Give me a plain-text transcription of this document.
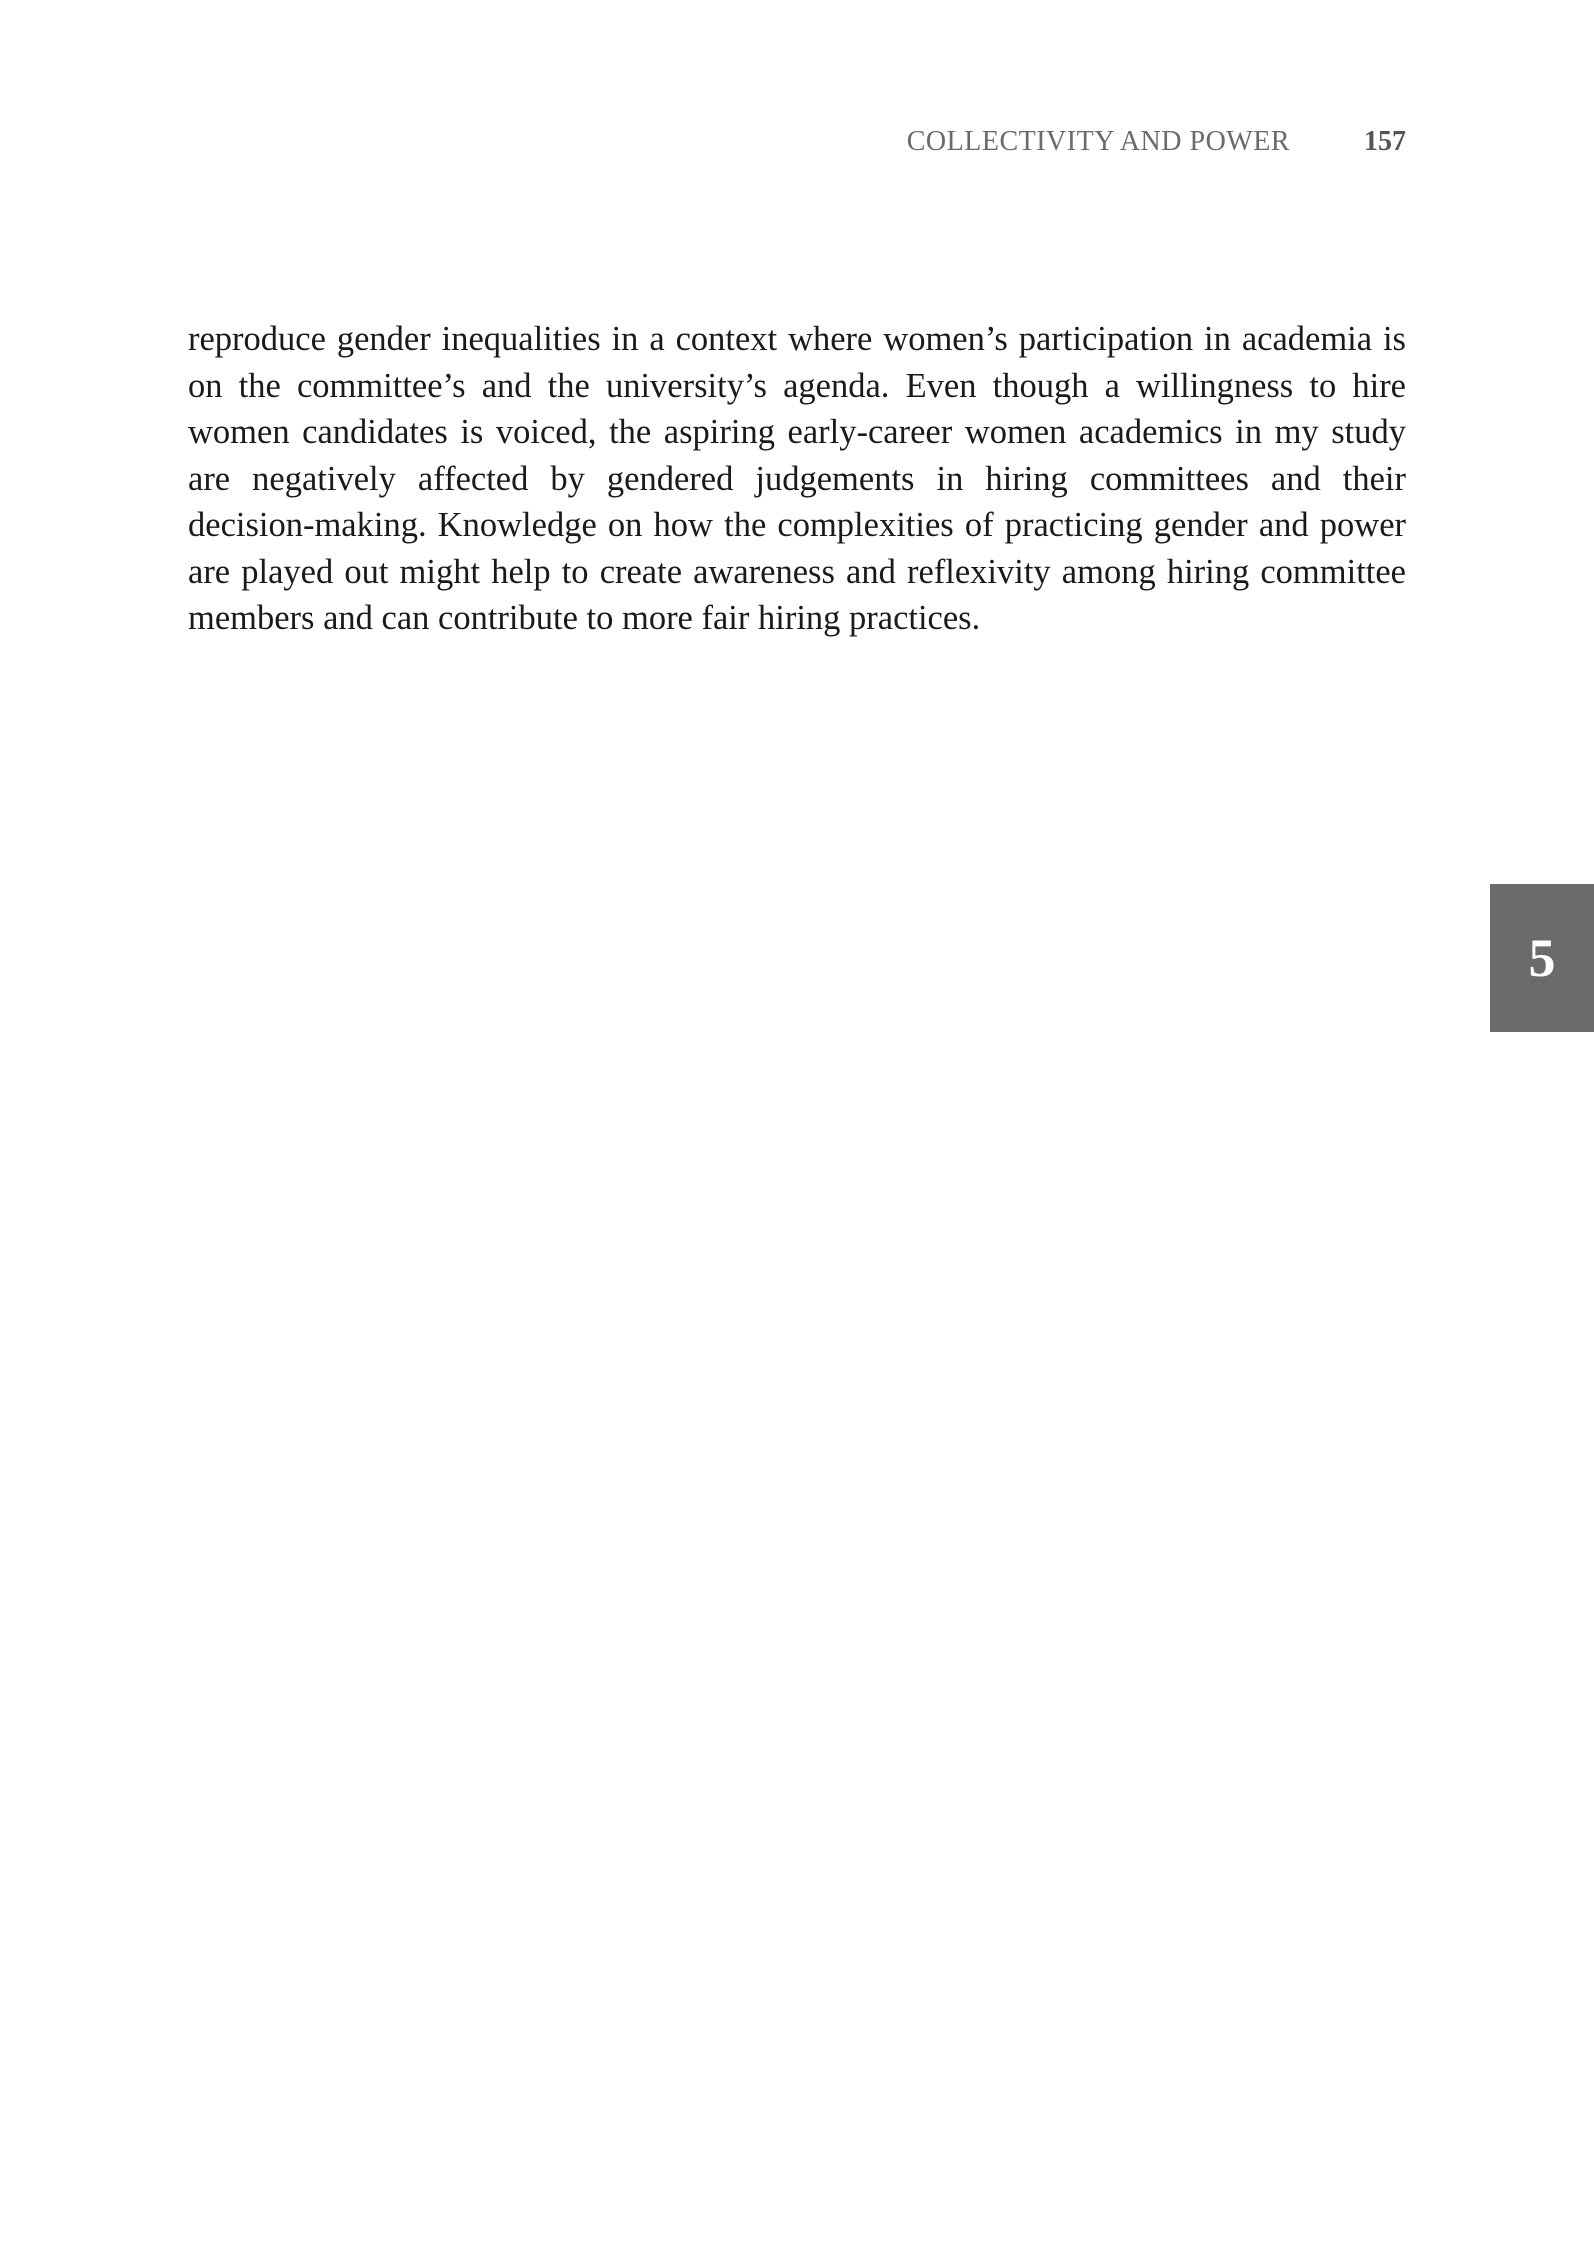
COLLECTIVITY AND POWER	157

reproduce gender inequalities in a context where women’s participation in academia is on the committee’s and the university’s agenda. Even though a willingness to hire women candidates is voiced, the aspiring early-career women academics in my study are negatively affected by gendered judgements in hiring committees and their decision-making. Knowledge on how the complexities of practicing gender and power are played out might help to create awareness and reflexivity among hiring committee members and can contribute to more fair hiring practices.

5
